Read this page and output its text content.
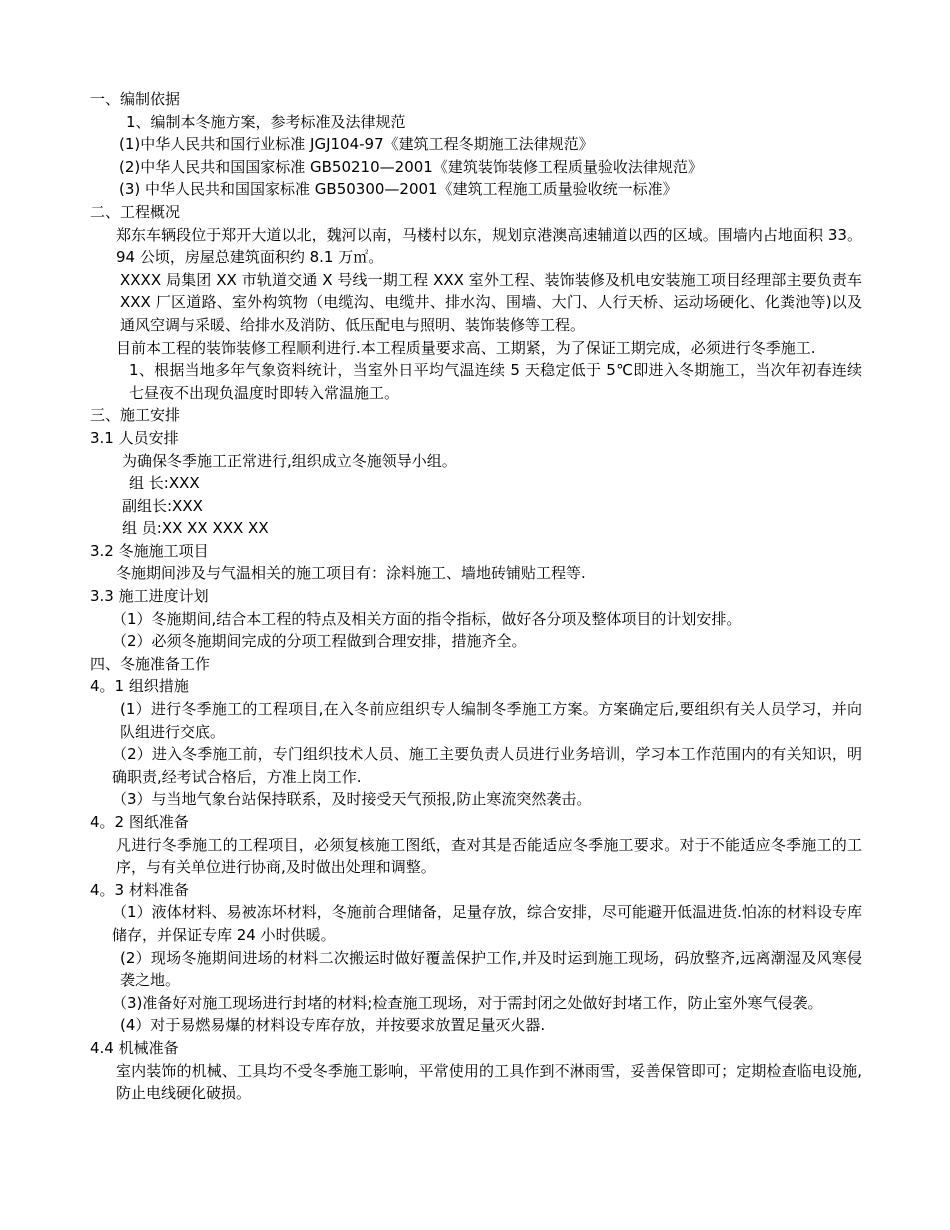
一、编制依据
1、编制本冬施方案，参考标准及法律规范
(1)中华人民共和国行业标准 JGJ104-97《建筑工程冬期施工法律规范》
(2)中华人民共和国国家标准 GB50210—2001《建筑装饰装修工程质量验收法律规范》
(3) 中华人民共和国国家标准 GB50300—2001《建筑工程施工质量验收统一标准》
二、工程概况
郑东车辆段位于郑开大道以北，魏河以南，马楼村以东，规划京港澳高速辅道以西的区域。围墙内占地面积 33。94 公顷，房屋总建筑面积约 8.1 万㎡。
XXXX 局集团 XX 市轨道交通 X 号线一期工程 XXX 室外工程、装饰装修及机电安装施工项目经理部主要负责车 XXX 厂区道路、室外构筑物（电缆沟、电缆井、排水沟、围墙、大门、人行天桥、运动场硬化、化粪池等)以及通风空调与采暖、给排水及消防、低压配电与照明、装饰装修等工程。
目前本工程的装饰装修工程顺利进行.本工程质量要求高、工期紧，为了保证工期完成，必须进行冬季施工.
1、根据当地多年气象资料统计，当室外日平均气温连续 5 天稳定低于 5℃即进入冬期施工，当次年初春连续七昼夜不出现负温度时即转入常温施工。
三、施工安排
3.1 人员安排
为确保冬季施工正常进行,组织成立冬施领导小组。
组 长:XXX
副组长:XXX
组 员:XX XX XXX XX
3.2 冬施施工项目
冬施期间涉及与气温相关的施工项目有：涂料施工、墙地砖铺贴工程等.
3.3 施工进度计划
（1）冬施期间,结合本工程的特点及相关方面的指令指标，做好各分项及整体项目的计划安排。
（2）必须冬施期间完成的分项工程做到合理安排，措施齐全。
四、冬施准备工作
4。1 组织措施
(1）进行冬季施工的工程项目,在入冬前应组织专人编制冬季施工方案。方案确定后,要组织有关人员学习，并向队组进行交底。
（2）进入冬季施工前，专门组织技术人员、施工主要负责人员进行业务培训，学习本工作范围内的有关知识，明确职责,经考试合格后，方准上岗工作.
（3）与当地气象台站保持联系，及时接受天气预报,防止寒流突然袭击。
4。2 图纸准备
凡进行冬季施工的工程项目，必须复核施工图纸，查对其是否能适应冬季施工要求。对于不能适应冬季施工的工序，与有关单位进行协商,及时做出处理和调整。
4。3 材料准备
（1）液体材料、易被冻坏材料，冬施前合理储备，足量存放，综合安排，尽可能避开低温进货.怕冻的材料设专库储存，并保证专库 24 小时供暖。
(2）现场冬施期间进场的材料二次搬运时做好覆盖保护工作,并及时运到施工现场，码放整齐,远离潮湿及风寒侵袭之地。
（3)准备好对施工现场进行封堵的材料;检查施工现场，对于需封闭之处做好封堵工作，防止室外寒气侵袭。
(4）对于易燃易爆的材料设专库存放，并按要求放置足量灭火器.
4.4 机械准备
室内装饰的机械、工具均不受冬季施工影响，平常使用的工具作到不淋雨雪，妥善保管即可；定期检查临电设施,防止电线硬化破损。
